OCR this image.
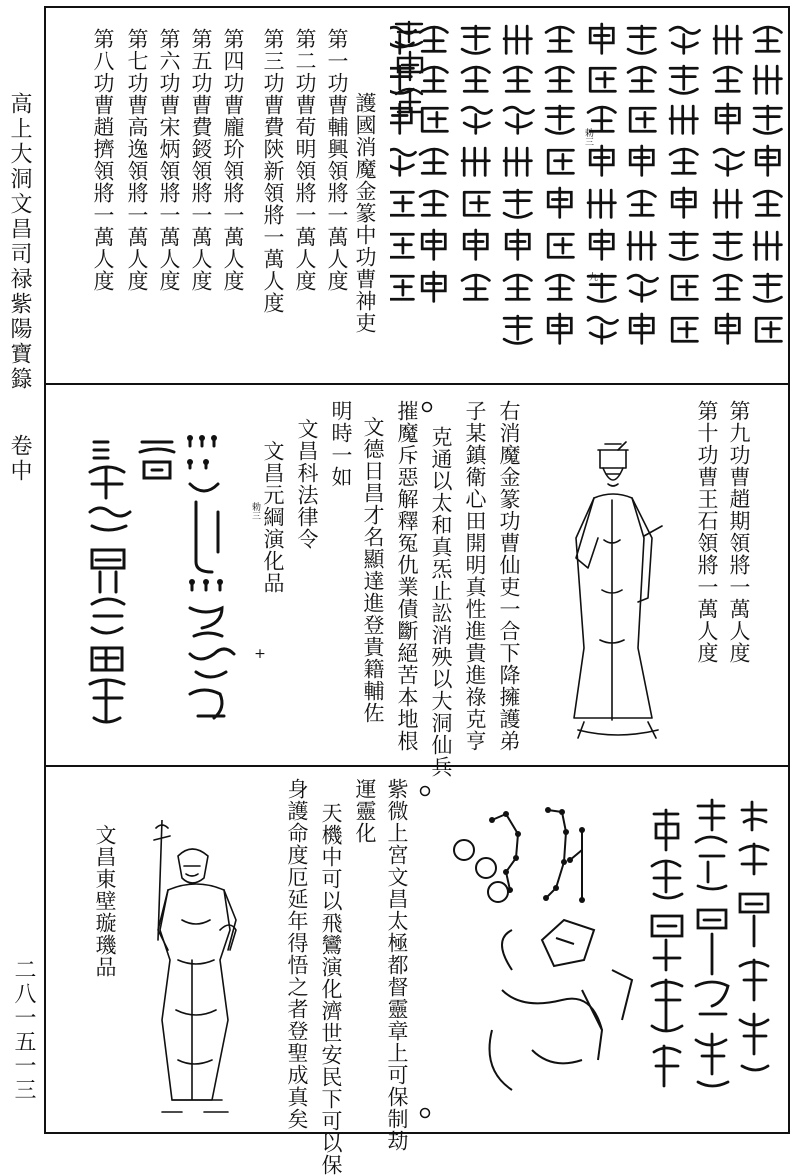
高上大洞文昌司禄紫陽寶籙 卷中
二八一五一三
勅三
九
護國消魔金篆中功曹神吏
第一功曹輔興領將一萬人度
第二功曹荀明領將一萬人度
第三功曹費陝新領將一萬人度
第四功曹龐玠領將一萬人度
第五功曹費鋄領將一萬人度
第六功曹宋炳領將一萬人度
第七功曹高逸領將一萬人度
第八功曹趙擠領將一萬人度
第九功曹趙期領將一萬人度
第十功曹王石領將一萬人度
右消魔金篆功曹仙吏一合下降擁護弟
子某鎮衛心田開明真性進貴進祿克亨
克通以太和真炁止訟消殃以大洞仙兵
摧魔斥惡解釋冤仇業債斷絕苦本地根
文德日昌才名顯達進登貴籍輔佐
明時一如
文昌科法律令
文昌元綱演化品
勅三
+
紫微上宮文昌太極都督靈章上可保制劫
運靈化
天機中可以飛鸞演化濟世安民下可以保
身護命度厄延年得悟之者登聖成真矣
文昌東壁璇璣品
